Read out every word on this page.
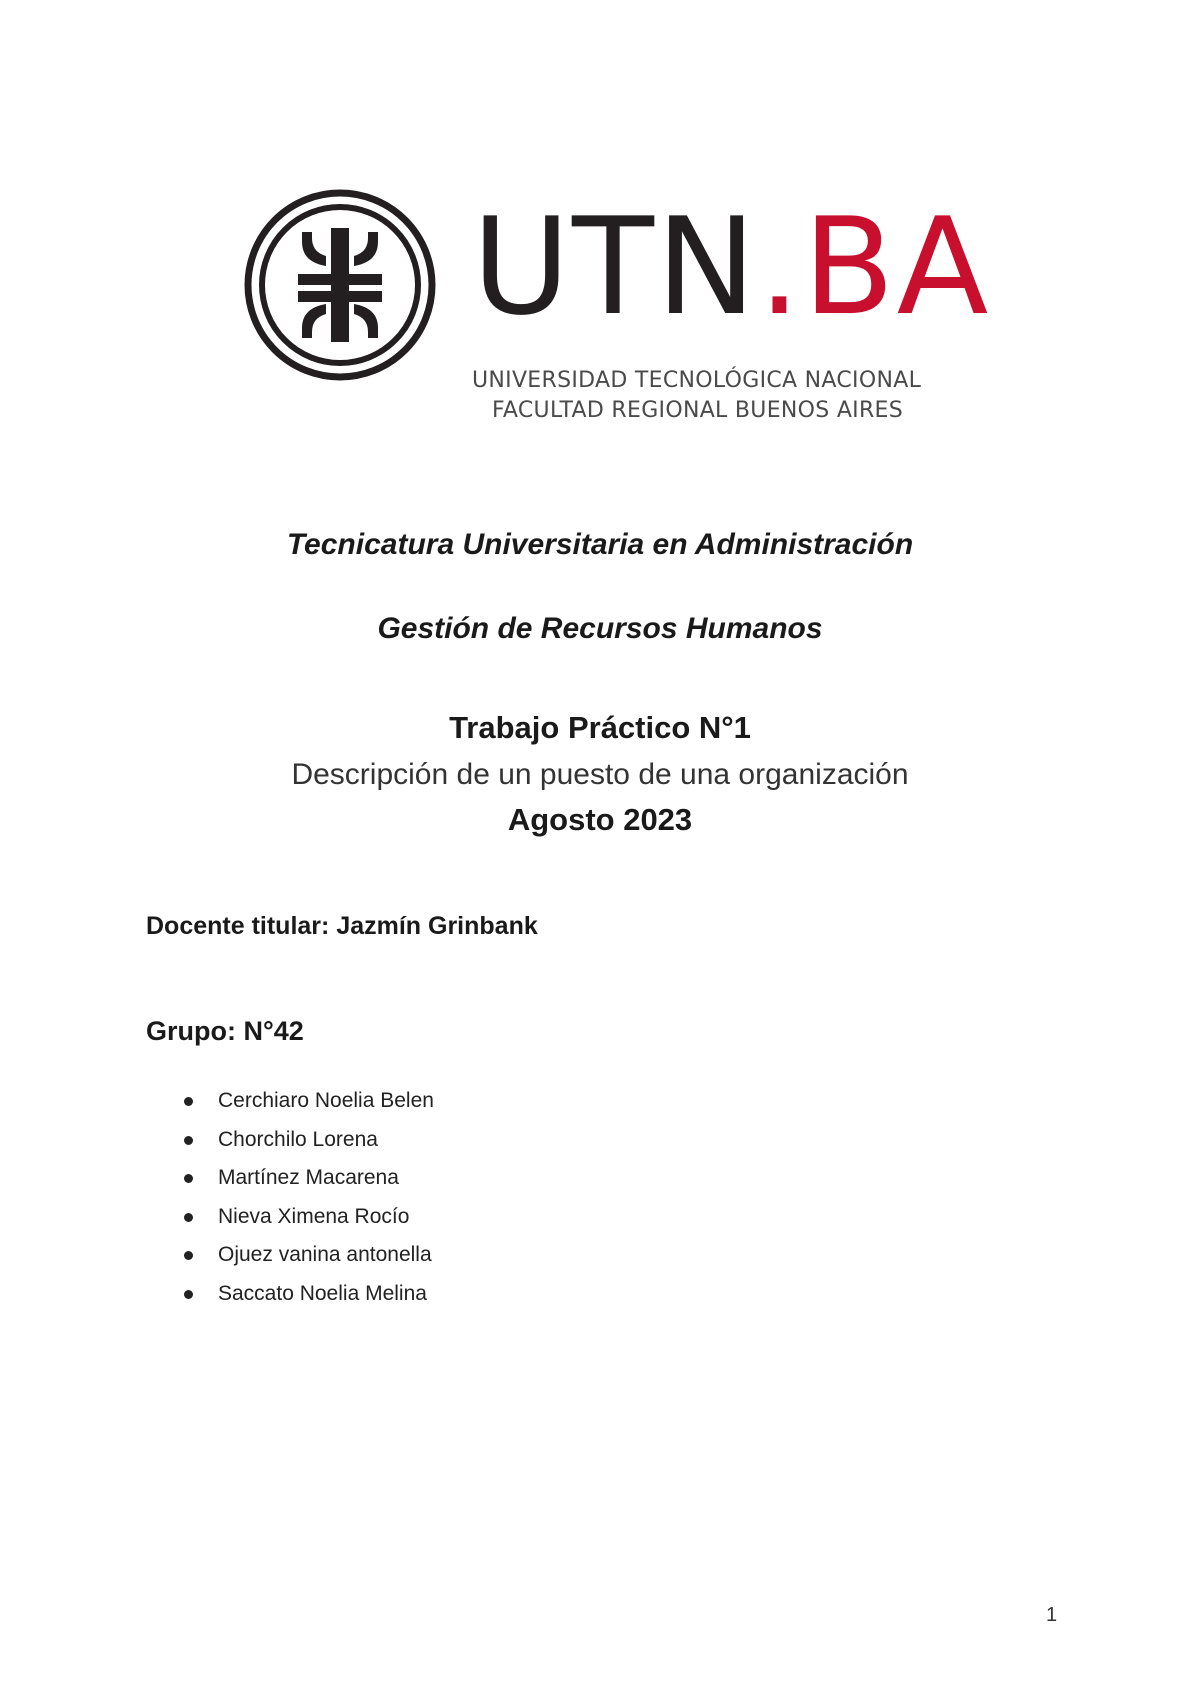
UTN.BA
UNIVERSIDAD TECNOLÓGICA NACIONAL
FACULTAD REGIONAL BUENOS AIRES
Tecnicatura Universitaria en Administración
Gestión de Recursos Humanos
Trabajo Práctico N°1
Descripción de un puesto de una organización
Agosto 2023
Docente titular: Jazmín Grinbank
Grupo: N°42
Cerchiaro Noelia Belen
Chorchilo Lorena
Martínez Macarena
Nieva Ximena Rocío
Ojuez vanina antonella
Saccato Noelia Melina
1
